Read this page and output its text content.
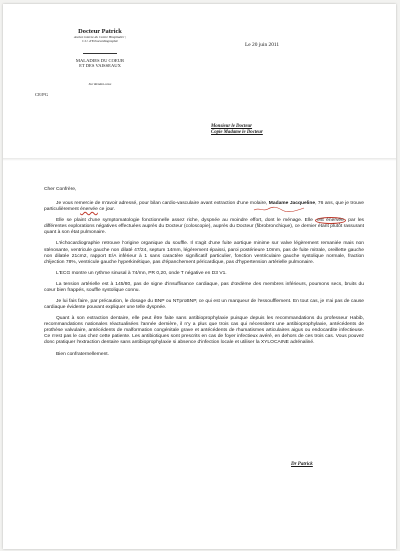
Docteur Patrick
Ancien interne du Centre Hospitalier |
C.U. d'Echocardiographie
MALADIES DU COEUR
ET DES VAISSEAUX
Sur Rendez-vous
Le 20 juin 2011
CE/PG
Monsieur le Docteur
Copie Madame le Docteur

Cher Confrère,

Je vous remercie de m'avoir adressé, pour bilan cardio-vasculaire avant extraction d'une molaire, Madame Jacqueline, 76 ans, que je trouve particulièrement énervée ce jour.

Elle se plaint d'une symptomatologie fonctionnelle assez riche, dyspnée au moindre effort, dont le ménage. Elle est énervée par les différentes explorations négatives effectuées auprès du Docteur (coloscopie), auprès du Docteur (fibrobronchique), ce dernier étant plutôt rassurant quant à son état pulmonaire.

L'échocardiographie retrouve l'origine organique du souffle. Il s'agit d'une fuite aortique minime sur valve légèrement remaniée mais non sténosante, ventricule gauche non dilaté 47/24, septum 14mm, légèrement épaissi, paroi postérieure 10mm, pas de fuite mitrale, oreillette gauche non dilatée 21cm2, rapport E/A inférieur à 1 sans caractère significatif particulier, fonction ventriculaire gauche systolique normale, fraction d'éjection 78%, ventricule gauche hyperkinétique, pas d'épanchement péricardique, pas d'hypertension artérielle pulmonaire.

L'ECG montre un rythme sinusal à 74/mn, PR 0,20, onde T négative en D3 V1.

La tension artérielle est à 145/80, pas de signe d'insuffisance cardiaque, pas d'œdème des membres inférieurs, poumons secs, bruits du cœur bien frappés, souffle systolique connu.

Je lui fais faire, par précaution, le dosage du BNP ou NTproBNP, ce qui est un marqueur de l'essoufflement. En tout cas, je n'ai pas de cause cardiaque évidente pouvant expliquer une telle dyspnée.

Quant à son extraction dentaire, elle peut être faite sans antibioprophylaxie puisque depuis les recommandations du professeur Habib, recommandations nationales réactualisées l'année dernière, il n'y a plus que trois cas qui nécessitent une antibioprophylaxie, antécédents de prothèse valvulaire, antécédents de malformation congénitale grave et antécédents de rhumatismes articulaires aigus ou endocardite infectieuse. Ce n'est pas le cas chez cette patiente. Les antibiotiques sont prescrits en cas de foyer infectieux avéré, en dehors de ces trois cas. Vous pouvez donc pratiquer l'extraction dentaire sans antibioprophylaxie si absence d'infection locale et utiliser la XYLOCAINE adrénaliné.

Bien confraternellement.

Dr Patrick
